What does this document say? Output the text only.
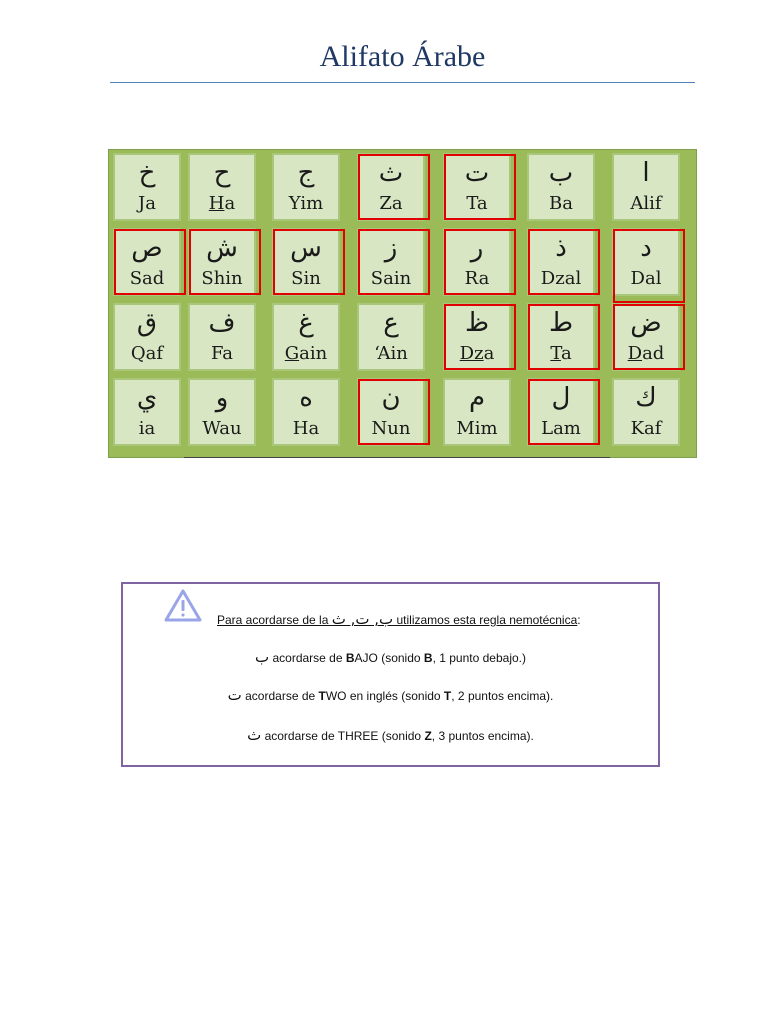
Alifato Árabe
خ
Ja
ح
Ha
ج
Yim
ث
Za
ت
Ta
ب
Ba
ا
Alif
ص
Sad
ش
Shin
س
Sin
ز
Sain
ر
Ra
ذ
Dzal
د
Dal
ق
Qaf
ف
Fa
غ
Gain
ع
‘Ain
ظ
Dza
ط
Ta
ض
Dad
ي
ia
و
Wau
ه
Ha
ن
Nun
م
Mim
ل
Lam
ك
Kaf
Para acordarse de la ب, ت, ث utilizamos esta regla nemotécnica:
ب acordarse de BAJO (sonido B, 1 punto debajo.)
ت acordarse de TWO en inglés (sonido T, 2 puntos encima).
ث acordarse de THREE (sonido Z, 3 puntos encima).
